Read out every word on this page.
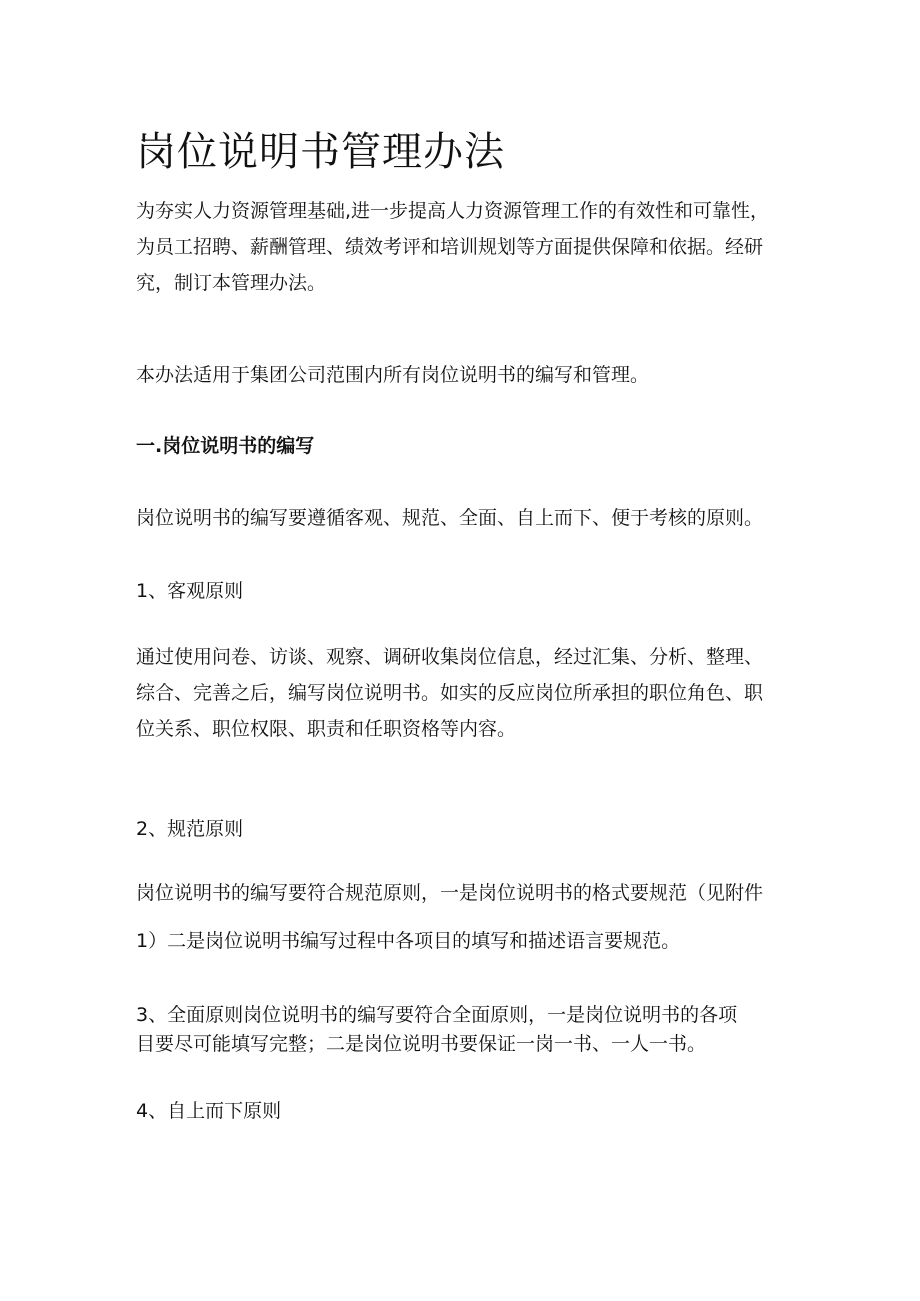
岗位说明书管理办法

为夯实人力资源管理基础,进一步提高人力资源管理工作的有效性和可靠性，
为员工招聘、薪酬管理、绩效考评和培训规划等方面提供保障和依据。经研
究，制订本管理办法。

本办法适用于集团公司范围内所有岗位说明书的编写和管理。

一.岗位说明书的编写

岗位说明书的编写要遵循客观、规范、全面、自上而下、便于考核的原则。

1、客观原则

通过使用问卷、访谈、观察、调研收集岗位信息，经过汇集、分析、整理、
综合、完善之后，编写岗位说明书。如实的反应岗位所承担的职位角色、职
位关系、职位权限、职责和任职资格等内容。

2、规范原则

岗位说明书的编写要符合规范原则，一是岗位说明书的格式要规范（见附件
1）二是岗位说明书编写过程中各项目的填写和描述语言要规范。

3、全面原则岗位说明书的编写要符合全面原则，一是岗位说明书的各项
目要尽可能填写完整；二是岗位说明书要保证一岗一书、一人一书。

4、自上而下原则
